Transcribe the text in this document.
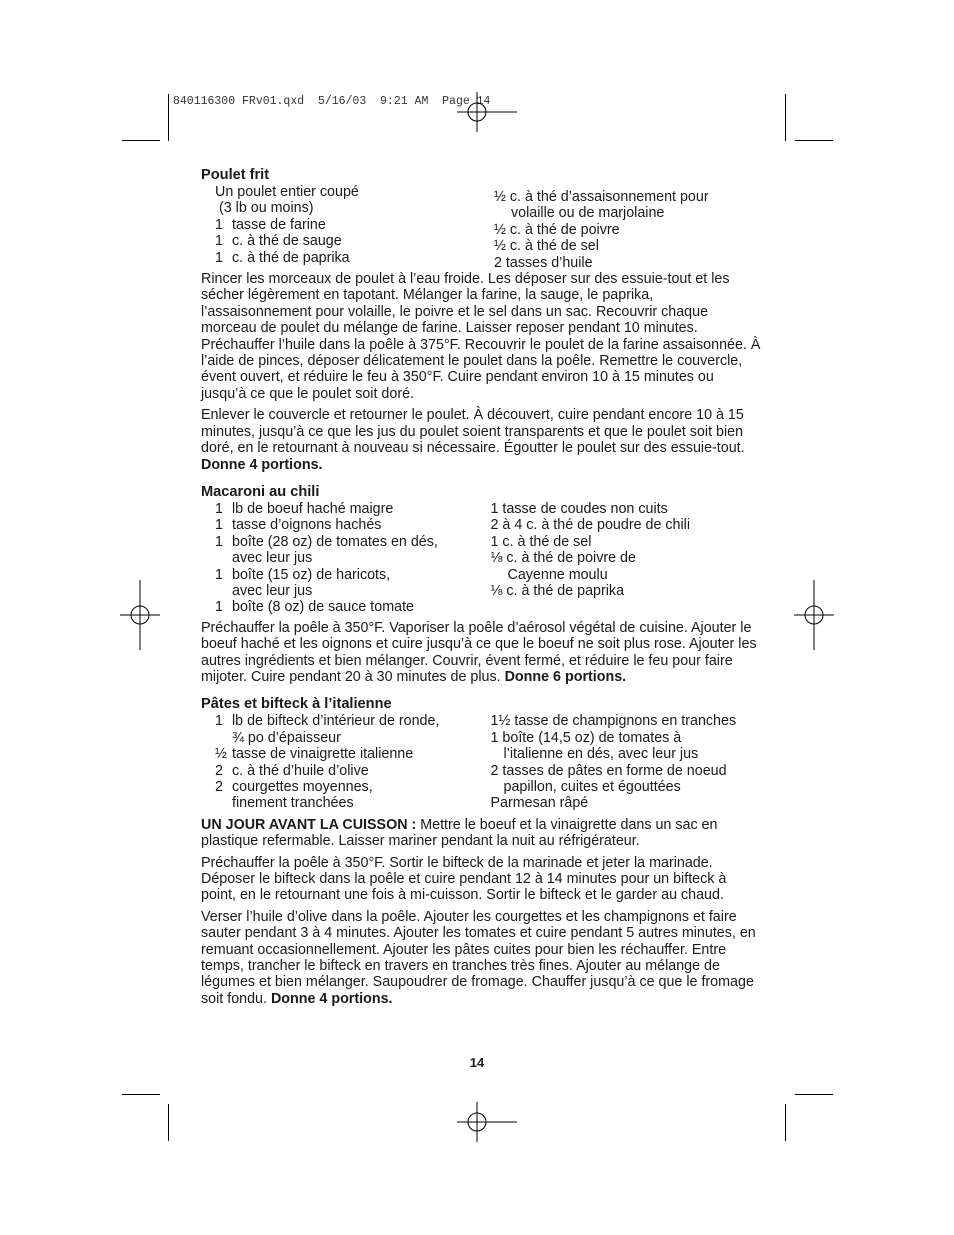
840116300 FRv01.qxd  5/16/03  9:21 AM  Page 14
Poulet frit
Un poulet entier coupé
(3 lb ou moins)
1 tasse de farine
1 c. à thé de sauge
1 c. à thé de paprika
½ c. à thé d’assaisonnement pour
volaille ou de marjolaine
½ c. à thé de poivre
½ c. à thé de sel
2 tasses d’huile

Rincer les morceaux de poulet à l’eau froide. Les déposer sur des essuie-tout et les sécher légèrement en tapotant. Mélanger la farine, la sauge, le paprika, l’assaisonnement pour volaille, le poivre et le sel dans un sac. Recouvrir chaque morceau de poulet du mélange de farine. Laisser reposer pendant 10 minutes. Préchauffer l’huile dans la poêle à 375°F. Recouvrir le poulet de la farine assaisonnée. À l’aide de pinces, déposer délicatement le poulet dans la poêle. Remettre le couvercle, évent ouvert, et réduire le feu à 350°F. Cuire pendant environ 10 à 15 minutes ou jusqu’à ce que le poulet soit doré.

Enlever le couvercle et retourner le poulet. À découvert, cuire pendant encore 10 à 15 minutes, jusqu’à ce que les jus du poulet soient transparents et que le poulet soit bien doré, en le retournant à nouveau si nécessaire. Égoutter le poulet sur des essuie-tout. Donne 4 portions.

Macaroni au chili
1 lb de boeuf haché maigre
1 tasse d’oignons hachés
1 boîte (28 oz) de tomates en dés,
avec leur jus
1 boîte (15 oz) de haricots,
avec leur jus
1 boîte (8 oz) de sauce tomate
1 tasse de coudes non cuits
2 à 4 c. à thé de poudre de chili
1 c. à thé de sel
⅛ c. à thé de poivre de
Cayenne moulu
⅛ c. à thé de paprika

Préchauffer la poêle à 350°F. Vaporiser la poêle d’aérosol végétal de cuisine. Ajouter le boeuf haché et les oignons et cuire jusqu’à ce que le boeuf ne soit plus rose. Ajouter les autres ingrédients et bien mélanger. Couvrir, évent fermé, et réduire le feu pour faire mijoter. Cuire pendant 20 à 30 minutes de plus. Donne 6 portions.

Pâtes et bifteck à l’italienne
1 lb de bifteck d’intérieur de ronde,
¾ po d’épaisseur
½ tasse de vinaigrette italienne
2 c. à thé d’huile d’olive
2 courgettes moyennes,
finement tranchées
1½ tasse de champignons en tranches
1 boîte (14,5 oz) de tomates à
l’italienne en dés, avec leur jus
2 tasses de pâtes en forme de noeud
papillon, cuites et égouttées
Parmesan râpé

UN JOUR AVANT LA CUISSON : Mettre le boeuf et la vinaigrette dans un sac en plastique refermable. Laisser mariner pendant la nuit au réfrigérateur.

Préchauffer la poêle à 350°F. Sortir le bifteck de la marinade et jeter la marinade. Déposer le bifteck dans la poêle et cuire pendant 12 à 14 minutes pour un bifteck à point, en le retournant une fois à mi-cuisson. Sortir le bifteck et le garder au chaud.

Verser l’huile d’olive dans la poêle. Ajouter les courgettes et les champignons et faire sauter pendant 3 à 4 minutes. Ajouter les tomates et cuire pendant 5 autres minutes, en remuant occasionnellement. Ajouter les pâtes cuites pour bien les réchauffer. Entre temps, trancher le bifteck en travers en tranches très fines. Ajouter au mélange de légumes et bien mélanger. Saupoudrer de fromage. Chauffer jusqu’à ce que le fromage soit fondu. Donne 4 portions.

14
